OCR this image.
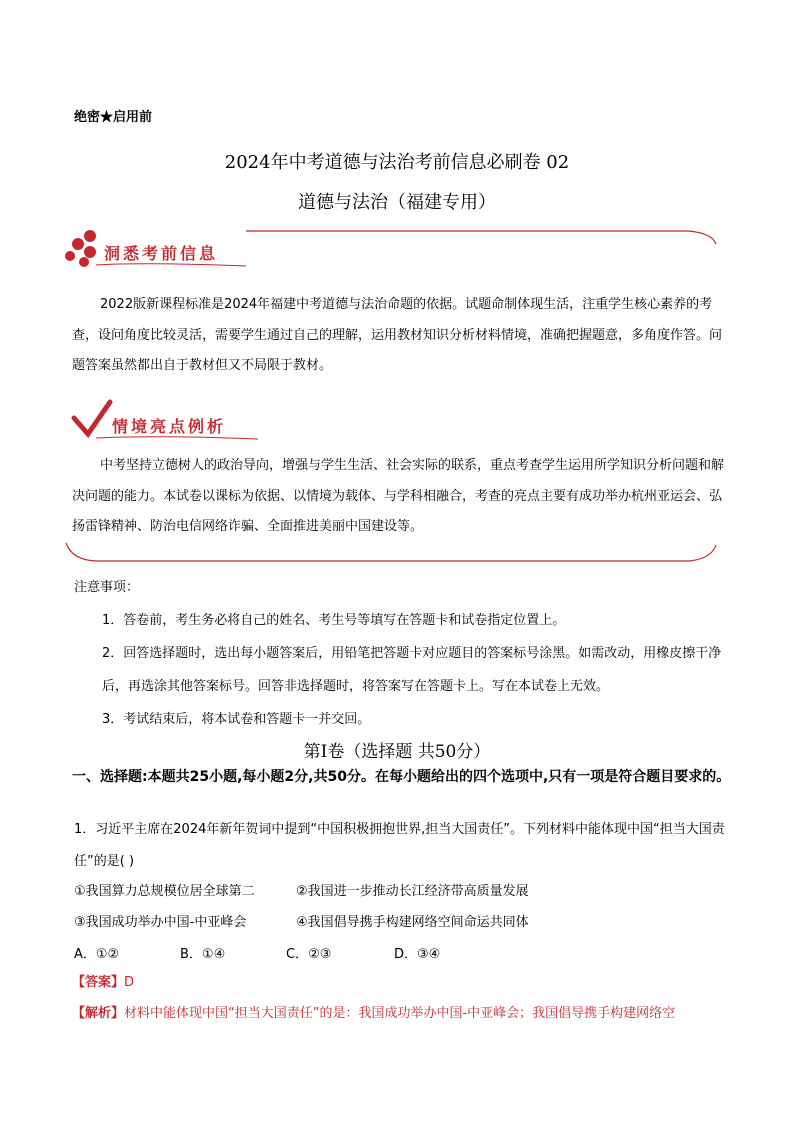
绝密★启用前
2024年中考道德与法治考前信息必刷卷 02
道德与法治（福建专用）
洞悉考前信息
2022版新课程标准是2024年福建中考道德与法治命题的依据。试题命制体现生活，注重学生核心素养的考查，设问角度比较灵活，需要学生通过自己的理解，运用教材知识分析材料情境，准确把握题意，多角度作答。问题答案虽然都出自于教材但又不局限于教材。
情境亮点例析
中考坚持立德树人的政治导向，增强与学生生活、社会实际的联系，重点考查学生运用所学知识分析问题和解决问题的能力。本试卷以课标为依据、以情境为载体、与学科相融合，考查的亮点主要有成功举办杭州亚运会、弘扬雷锋精神、防治电信网络诈骗、全面推进美丽中国建设等。
注意事项：
1．答卷前，考生务必将自己的姓名、考生号等填写在答题卡和试卷指定位置上。
2．回答选择题时，选出每小题答案后，用铅笔把答题卡对应题目的答案标号涂黑。如需改动，用橡皮擦干净后，再选涂其他答案标号。回答非选择题时，将答案写在答题卡上。写在本试卷上无效。
3．考试结束后，将本试卷和答题卡一并交回。
第Ⅰ卷（选择题 共50分）
一、选择题:本题共25小题,每小题2分,共50分。在每小题给出的四个选项中,只有一项是符合题目要求的。
1．习近平主席在2024年新年贺词中提到“中国积极拥抱世界,担当大国责任”。下列材料中能体现中国“担当大国责任”的是( )
①我国算力总规模位居全球第二	②我国进一步推动长江经济带高质量发展
③我国成功举办中国-中亚峰会	④我国倡导携手构建网络空间命运共同体
A．①②	B．①④	C．②③	D．③④
【答案】D
【解析】材料中能体现中国“担当大国责任”的是：我国成功举办中国-中亚峰会；我国倡导携手构建网络空
